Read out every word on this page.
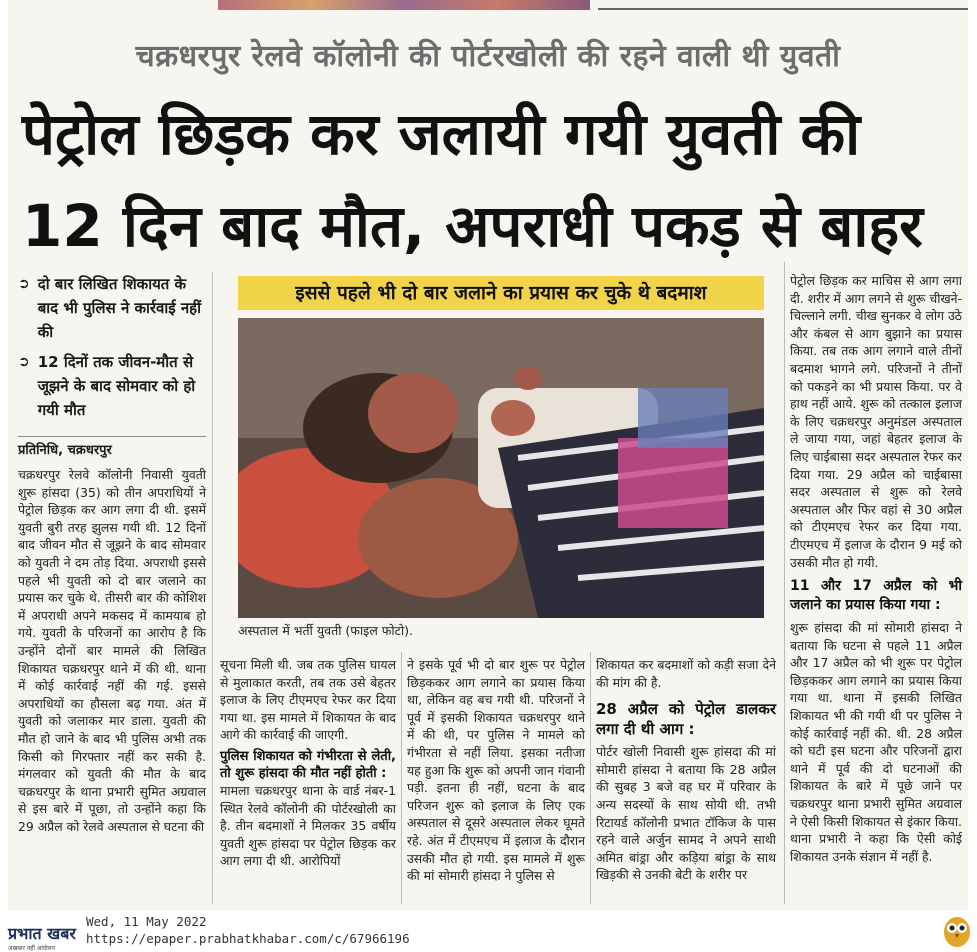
चक्रधरपुर रेलवे कॉलोनी की पोर्टरखोली की रहने वाली थी युवती
पेट्रोल छिड़क कर जलायी गयी युवती की
12 दिन बाद मौत, अपराधी पकड़ से बाहर
➲ दो बार लिखित शिकायत के बाद भी पुलिस ने कार्रवाई नहीं की
➲ 12 दिनों तक जीवन-मौत से जूझने के बाद सोमवार को हो गयी मौत
प्रतिनिधि, चक्रधरपुर

चक्रधरपुर रेलवे कॉलोनी निवासी युवती शुरू हांसदा (35) को तीन अपराधियों ने पेट्रोल छिड़क कर आग लगा दी थी. इसमें युवती बुरी तरह झुलस गयी थी. 12 दिनों बाद जीवन मौत से जूझने के बाद सोमवार को युवती ने दम तोड़ दिया. अपराधी इससे पहले भी युवती को दो बार जलाने का प्रयास कर चुके थे. तीसरी बार की कोशिश में अपराधी अपने मकसद में कामयाब हो गये. युवती के परिजनों का आरोप है कि उन्होंने दोनों बार मामले की लिखित शिकायत चक्रधरपुर थाने में की थी. थाना में कोई कार्रवाई नहीं की गई. इससे अपराधियों का हौसला बढ़ गया. अंत में युवती को जलाकर मार डाला. युवती की मौत हो जाने के बाद भी पुलिस अभी तक किसी को गिरफ्तार नहीं कर सकी है. मंगलवार को युवती की मौत के बाद चक्रधरपुर के थाना प्रभारी सुमित अग्रवाल से इस बारे में पूछा, तो उन्होंने कहा कि 29 अप्रैल को रेलवे अस्पताल से घटना की

इससे पहले भी दो बार जलाने का प्रयास कर चुके थे बदमाश
अस्पताल में भर्ती युवती (फाइल फोटो).

सूचना मिली थी. जब तक पुलिस घायल से मुलाकात करती, तब तक उसे बेहतर इलाज के लिए टीएमएच रेफर कर दिया गया था. इस मामले में शिकायत के बाद आगे की कार्रवाई की जाएगी.

पुलिस शिकायत को गंभीरता से लेती, तो शुरू हांसदा की मौत नहीं होती :

मामला चक्रधरपुर थाना के वार्ड नंबर-1 स्थित रेलवे कॉलोनी की पोर्टरखोली का है. तीन बदमाशों ने मिलकर 35 वर्षीय युवती शुरू हांसदा पर पेट्रोल छिड़क कर आग लगा दी थी. आरोपियों

ने इसके पूर्व भी दो बार शुरू पर पेट्रोल छिड़ककर आग लगाने का प्रयास किया था, लेकिन वह बच गयी थी. परिजनों ने पूर्व में इसकी शिकायत चक्रधरपुर थाने में की थी, पर पुलिस ने मामले को गंभीरता से नहीं लिया. इसका नतीजा यह हुआ कि शुरू को अपनी जान गंवानी पड़ी. इतना ही नहीं, घटना के बाद परिजन शुरू को इलाज के लिए एक अस्पताल से दूसरे अस्पताल लेकर घूमते रहे. अंत में टीएमएच में इलाज के दौरान उसकी मौत हो गयी. इस मामले में शुरू की मां सोमारी हांसदा ने पुलिस से

शिकायत कर बदमाशों को कड़ी सजा देने की मांग की है.

28 अप्रैल को पेट्रोल डालकर लगा दी थी आग :

पोर्टर खोली निवासी शुरू हांसदा की मां सोमारी हांसदा ने बताया कि 28 अप्रैल की सुबह 3 बजे वह घर में परिवार के अन्य सदस्यों के साथ सोयी थी. तभी रिटायर्ड कॉलोनी प्रभात टॉकिज के पास रहने वाले अर्जुन सामद ने अपने साथी अमित बांड्रा और कड़िया बांड्रा के साथ खिड़की से उनकी बेटी के शरीर पर

पेट्रोल छिड़क कर माचिस से आग लगा दी. शरीर में आग लगने से शुरू चीखने-चिल्लाने लगी. चीख सुनकर वे लोग उठे और कंबल से आग बुझाने का प्रयास किया. तब तक आग लगाने वाले तीनों बदमाश भागने लगे. परिजनों ने तीनों को पकड़ने का भी प्रयास किया. पर वे हाथ नहीं आये. शुरू को तत्काल इलाज के लिए चक्रधरपुर अनुमंडल अस्पताल ले जाया गया, जहां बेहतर इलाज के लिए चाईबासा सदर अस्पताल रेफर कर दिया गया. 29 अप्रैल को चाईबासा सदर अस्पताल से शुरू को रेलवे अस्पताल और फिर वहां से 30 अप्रैल को टीएमएच रेफर कर दिया गया. टीएमएच में इलाज के दौरान 9 मई को उसकी मौत हो गयी.

11 और 17 अप्रैल को भी जलाने का प्रयास किया गया :

शुरू हांसदा की मां सोमारी हांसदा ने बताया कि घटना से पहले 11 अप्रैल और 17 अप्रैल को भी शुरू पर पेट्रोल छिड़ककर आग लगाने का प्रयास किया गया था. थाना में इसकी लिखित शिकायत भी की गयी थी पर पुलिस ने कोई कार्रवाई नहीं की. थी. 28 अप्रैल को घटी इस घटना और परिजनों द्वारा थाने में पूर्व की दो घटनाओं की शिकायत के बारे में पूछे जाने पर चक्रधरपुर थाना प्रभारी सुमित अग्रवाल ने ऐसी किसी शिकायत से इंकार किया. थाना प्रभारी ने कहा कि ऐसी कोई शिकायत उनके संज्ञान में नहीं है.

प्रभात खबर
अखबार नहीं आंदोलन
Wed, 11 May 2022
https://epaper.prabhatkhabar.com/c/67966196
